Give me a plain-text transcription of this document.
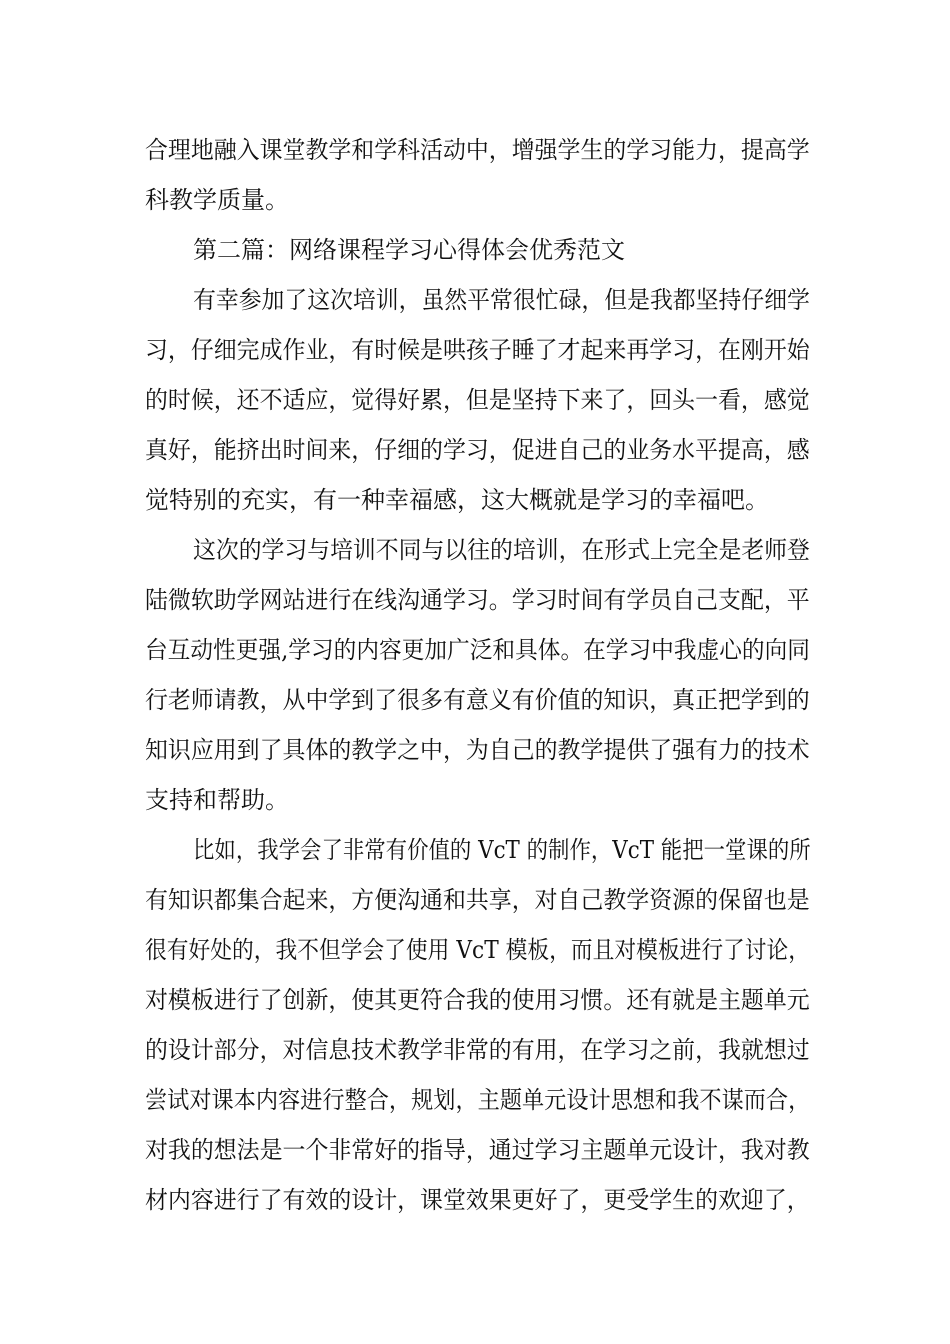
合理地融入课堂教学和学科活动中，增强学生的学习能力，提高学
科教学质量。
第二篇：网络课程学习心得体会优秀范文
有幸参加了这次培训，虽然平常很忙碌，但是我都坚持仔细学
习，仔细完成作业，有时候是哄孩子睡了才起来再学习，在刚开始
的时候，还不适应，觉得好累，但是坚持下来了，回头一看，感觉
真好，能挤出时间来，仔细的学习，促进自己的业务水平提高，感
觉特别的充实，有一种幸福感，这大概就是学习的幸福吧。
这次的学习与培训不同与以往的培训，在形式上完全是老师登
陆微软助学网站进行在线沟通学习。学习时间有学员自己支配，平
台互动性更强,学习的内容更加广泛和具体。在学习中我虚心的向同
行老师请教，从中学到了很多有意义有价值的知识，真正把学到的
知识应用到了具体的教学之中，为自己的教学提供了强有力的技术
支持和帮助。
比如，我学会了非常有价值的 VcT 的制作，VcT 能把一堂课的所
有知识都集合起来，方便沟通和共享，对自己教学资源的保留也是
很有好处的，我不但学会了使用 VcT 模板，而且对模板进行了讨论，
对模板进行了创新，使其更符合我的使用习惯。还有就是主题单元
的设计部分，对信息技术教学非常的有用，在学习之前，我就想过
尝试对课本内容进行整合，规划，主题单元设计思想和我不谋而合，
对我的想法是一个非常好的指导，通过学习主题单元设计，我对教
材内容进行了有效的设计，课堂效果更好了，更受学生的欢迎了，
